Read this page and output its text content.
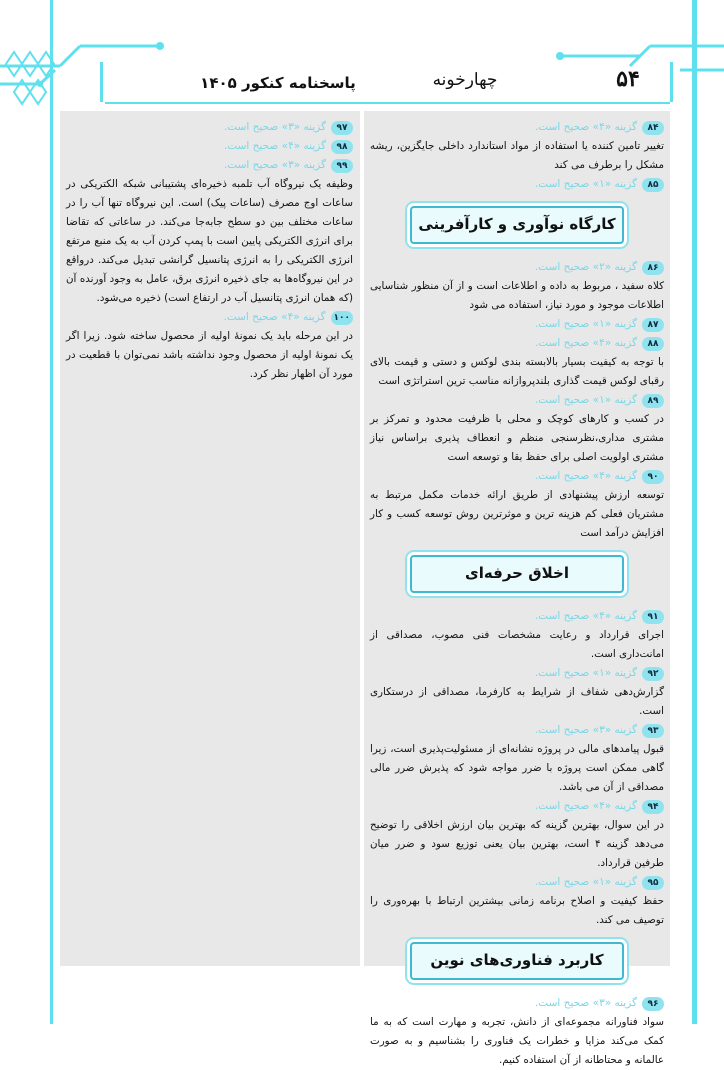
۵۴
چهارخونه
پاسخنامه کنکور ۱۴۰۵
۸۴گزینه «۴» صحیح است.

تغییر تامین کننده یا استفاده از مواد استاندارد داخلی جایگزین، ریشه مشکل را برطرف می کند

۸۵گزینه «۱» صحیح است.
کارگاه نوآوری و کارآفرینی
۸۶گزینه «۲» صحیح است.

کلاه سفید ، مربوط به داده و اطلاعات است و از آن منظور شناسایی اطلاعات موجود و مورد نیاز، استفاده می شود

۸۷گزینه «۱» صحیح است.
۸۸گزینه «۴» صحیح است.

با توجه به کیفیت بسیار بالابسته بندی لوکس و دستی و قیمت بالای رقبای لوکس قیمت گذاری بلندپروازانه مناسب ترین استراتژی است

۸۹گزینه «۱» صحیح است.

در کسب و کارهای کوچک و محلی با ظرفیت محدود و تمرکز بر مشتری مداری،نظرسنجی منظم و انعطاف پذیری براساس نیاز مشتری اولویت اصلی برای حفظ بقا و توسعه است

۹۰گزینه «۴» صحیح است.

توسعه ارزش پیشنهادی از طریق ارائه خدمات مکمل مرتبط به مشتریان فعلی کم هزینه ترین و موثرترین روش توسعه کسب و کار افزایش درآمد است

اخلاق حرفه‌ای
۹۱گزینه «۴» صحیح است.

اجرای قرارداد و رعایت مشخصات فنی مصوب، مصداقی از امانت‌داری است.

۹۲گزینه «۱» صحیح است.

گزارش‌دهی شفاف از شرایط به کارفرما، مصداقی از درستکاری است.

۹۳گزینه «۳» صحیح است.

قبول پیامدهای مالی در پروژه نشانه‌ای از مسئولیت‌پذیری است، زیرا گاهی ممکن است پروژه با ضرر مواجه شود که پذیرش ضرر مالی مصداقی از آن می باشد.

۹۴گزینه «۴» صحیح است.

در این سوال، بهترین گزینه که بهترین بیان ارزش اخلاقی را توضیح می‌دهد گزینه ۴ است، بهترین بیان یعنی توزیع سود و ضرر میان طرفین قرارداد.

۹۵گزینه «۱» صحیح است.

حفظ کیفیت و اصلاح برنامه زمانی بیشترین ارتباط با بهره‌وری را توصیف می کند.

کاربرد فناوری‌های نوین
۹۶گزینه «۳» صحیح است.

سواد فناورانه مجموعه‌ای از دانش، تجربه و مهارت است که به ما کمک می‌کند مزایا و خطرات یک فناوری را بشناسیم و به صورت عالمانه و محتاطانه از آن استفاده کنیم.

۹۷گزینه «۳» صحیح است.
۹۸گزینه «۴» صحیح است.
۹۹گزینه «۳» صحیح است.

وظیفه یک نیروگاه آب تلمبه ذخیره‌ای پشتیبانی شبکه الکتریکی در ساعات اوج مصرف (ساعات پیک) است. این نیروگاه تنها آب را در ساعات مختلف بین دو سطح جابه‌جا می‌کند. در ساعاتی که تقاضا برای انرژی الکتریکی پایین است با پمپ کردن آب به یک منبع مرتفع انرژی الکتریکی را به انرژی پتانسیل گرانشی تبدیل می‌کند. درواقع در این نیروگاه‌ها به جای ذخیره انرژی برق، عامل به وجود آورنده آن (که همان انرژی پتانسیل آب در ارتفاع است) ذخیره می‌شود.

۱۰۰گزینه «۴» صحیح است.

در این مرحله باید یک نمونهٔ اولیه از محصول ساخته شود. زیرا اگر یک نمونهٔ اولیه از محصول وجود نداشته باشد نمی‌توان با قطعیت در مورد آن اظهار نظر کرد.
